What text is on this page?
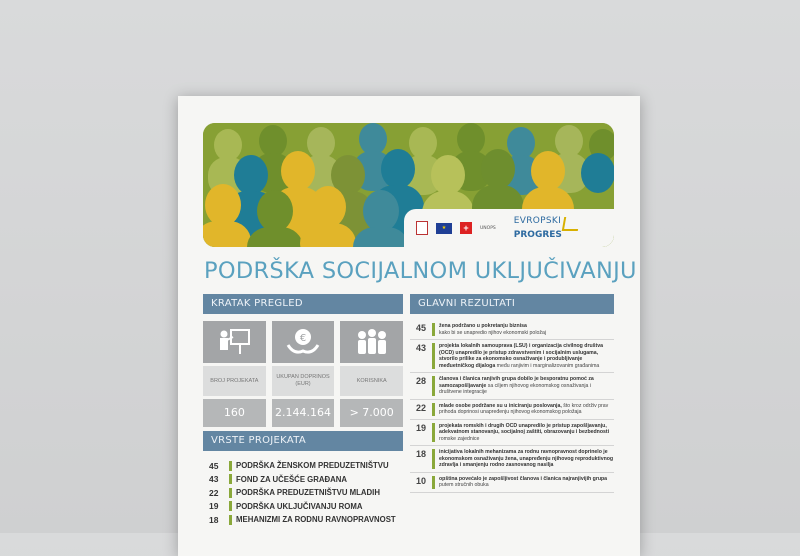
★	+	UNOPS
EVROPSKI
PROGRES
PODRŠKA SOCIJALNOM UKLJUČIVANJU
KRATAK PREGLED	GLAVNI REZULTATI
€
BROJ PROJEKATA
UKUPAN DOPRINOS (EUR)
KORISNIKA
160	2.144.164	> 7.000
VRSTE PROJEKATA
45	PODRŠKA ŽENSKOM PREDUZETNIŠTVU
43	FOND ZA UČEŠĆE GRAĐANA
22	PODRŠKA PREDUZETNIŠTVU MLADIH
19	PODRŠKA UKLJUČIVANJU ROMA
18	MEHANIZMI ZA RODNU RAVNOPRAVNOST
45	žena podržano u pokretanju biznisa
kako bi se unapredio njihov ekonomski položaj
43	projekta lokalnih samouprava (LSU) i organizacija civilnog društva (OCD) unapredilo je pristup zdravstvenim i socijalnim uslugama, stvorilo prilike za ekonomsko osnaživanje i produbljivanje međuetničkog dijaloga među ranjivim i marginalizovanim građanima
28	članova i članica ranjivih grupa dobilo je besporatnu pomoć za samozapošljavanje sa ciljem njihovog ekonomskog osnaživanja i društvene integracije
22	mlade osobe podržane su u iniciranju poslovanja, što kroz održiv prav prihoda doprinosi unapređenju njihovog ekonomskog položaja
19	projekata romskih i drugih OCD unapredilo je pristup zapošljavanju, adekvatnom stanovanju, socijalnoj zaštiti, obrazovanju i bezbednosti romske zajednice
18	inicijativa lokalnih mehanizama za rodnu ravnopravnost doprinelo je ekonomskom osnaživanju žena, unapređenju njihovog reproduktivnog zdravlja i smanjenju rodno zasnovanog nasilja
10	opština povećalo je zapošljivost članova i članica najranjivijih grupa
putem stručnih obuka
